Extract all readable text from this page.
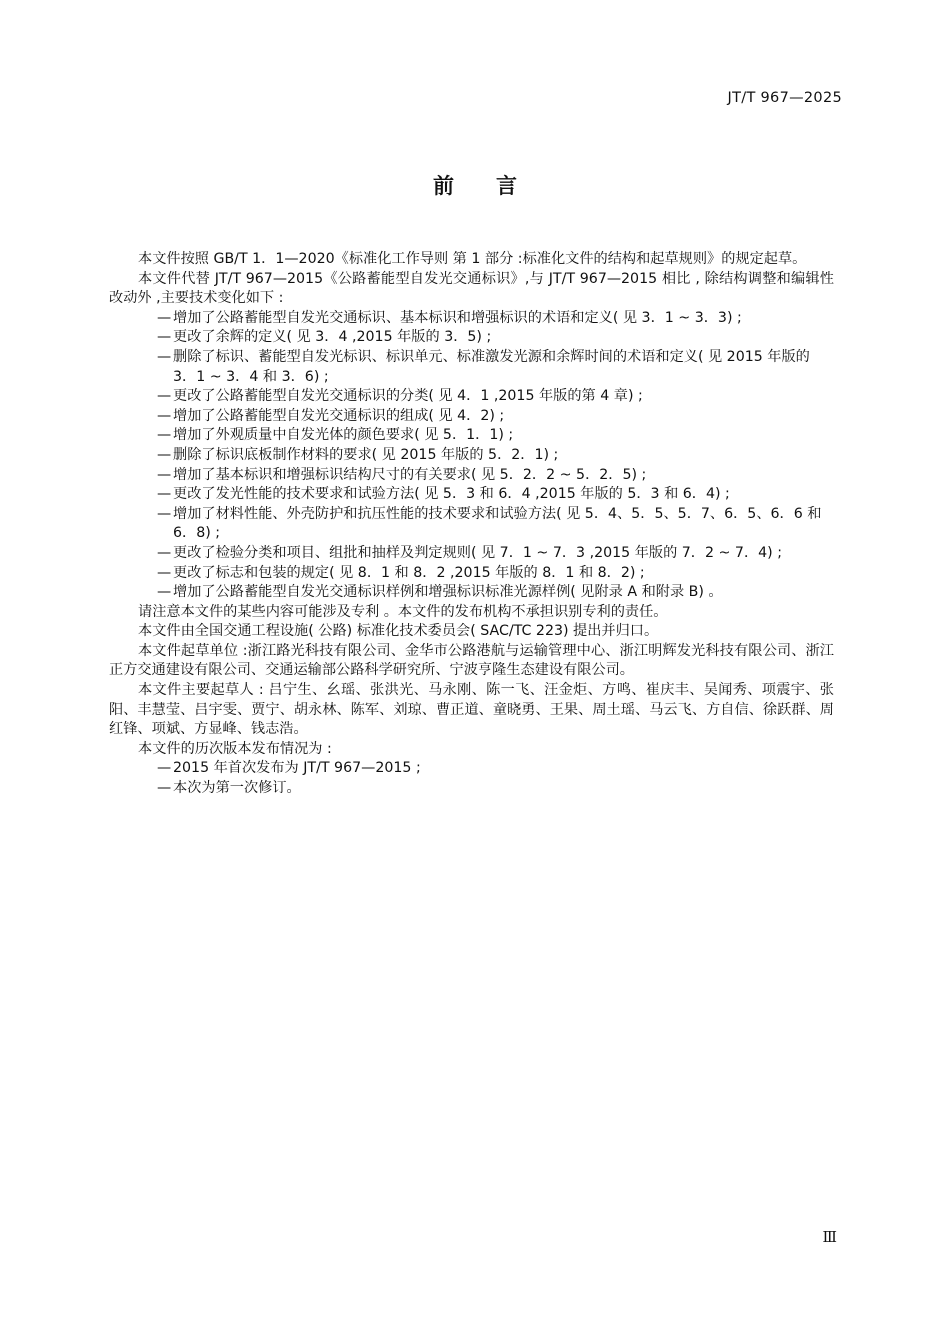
JT/T 967—2025
前言

本文件按照 GB/T 1．1—2020《标准化工作导则 第 1 部分 :标准化文件的结构和起草规则》的规定起草。

本文件代替 JT/T 967—2015《公路蓄能型自发光交通标识》,与 JT/T 967—2015 相比 , 除结构调整和编辑性改动外 ,主要技术变化如下 :

— 增加了公路蓄能型自发光交通标识、基本标识和增强标识的术语和定义( 见 3．1 ~ 3．3) ;
— 更改了余辉的定义( 见 3．4 ,2015 年版的 3．5) ;
— 删除了标识、蓄能型自发光标识、标识单元、标准激发光源和余辉时间的术语和定义( 见 2015 年版的 3．1 ~ 3．4 和 3．6) ;
— 更改了公路蓄能型自发光交通标识的分类( 见 4．1 ,2015 年版的第 4 章) ;
— 增加了公路蓄能型自发光交通标识的组成( 见 4．2) ;
— 增加了外观质量中自发光体的颜色要求( 见 5．1．1) ;
— 删除了标识底板制作材料的要求( 见 2015 年版的 5．2．1) ;
— 增加了基本标识和增强标识结构尺寸的有关要求( 见 5．2．2 ~ 5．2．5) ;
— 更改了发光性能的技术要求和试验方法( 见 5．3 和 6．4 ,2015 年版的 5．3 和 6．4) ;
— 增加了材料性能、外壳防护和抗压性能的技术要求和试验方法( 见 5．4、5．5、5．7、6．5、6．6 和 6．8) ;
— 更改了检验分类和项目、组批和抽样及判定规则( 见 7．1 ~ 7．3 ,2015 年版的 7．2 ~ 7．4) ;
— 更改了标志和包装的规定( 见 8．1 和 8．2 ,2015 年版的 8．1 和 8．2) ;
— 增加了公路蓄能型自发光交通标识样例和增强标识标准光源样例( 见附录 A 和附录 B) 。

请注意本文件的某些内容可能涉及专利 。本文件的发布机构不承担识别专利的责任。

本文件由全国交通工程设施( 公路) 标准化技术委员会( SAC/TC 223) 提出并归口。

本文件起草单位 :浙江路光科技有限公司、金华市公路港航与运输管理中心、浙江明辉发光科技有限公司、浙江正方交通建设有限公司、交通运输部公路科学研究所、宁波亨隆生态建设有限公司。

本文件主要起草人 : 吕宁生、幺瑶、张洪光、马永刚、陈一飞、汪金炬、方鸣、崔庆丰、吴闻秀、项震宇、张阳、丰慧莹、吕宇雯、贾宁、胡永林、陈军、刘琼、曹正道、童晓勇、王果、周土瑶、马云飞、方自信、徐跃群、周红锋、项斌、方显峰、钱志浩。

本文件的历次版本发布情况为 :

— 2015 年首次发布为 JT/T 967—2015 ;
— 本次为第一次修订。
Ⅲ
